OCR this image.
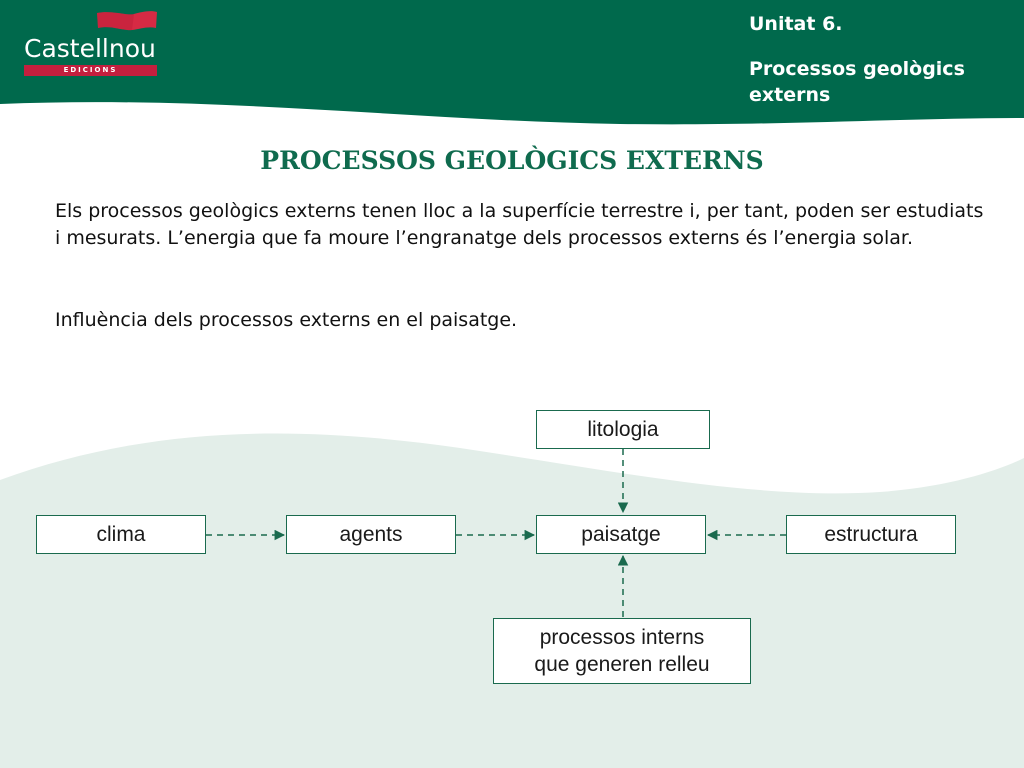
Castellnou
EDICIONS
Unitat 6.
Processos geològics externs
PROCESSOS GEOLÒGICS EXTERNS
Els processos geològics externs tenen lloc a la superfície terrestre i, per tant, poden ser estudiats i mesurats. L’energia que fa moure l’engranatge dels processos externs és l’energia solar.
Influència dels processos externs en el paisatge.
clima	agents	paisatge	estructura
litologia
processos interns
que generen relleu
